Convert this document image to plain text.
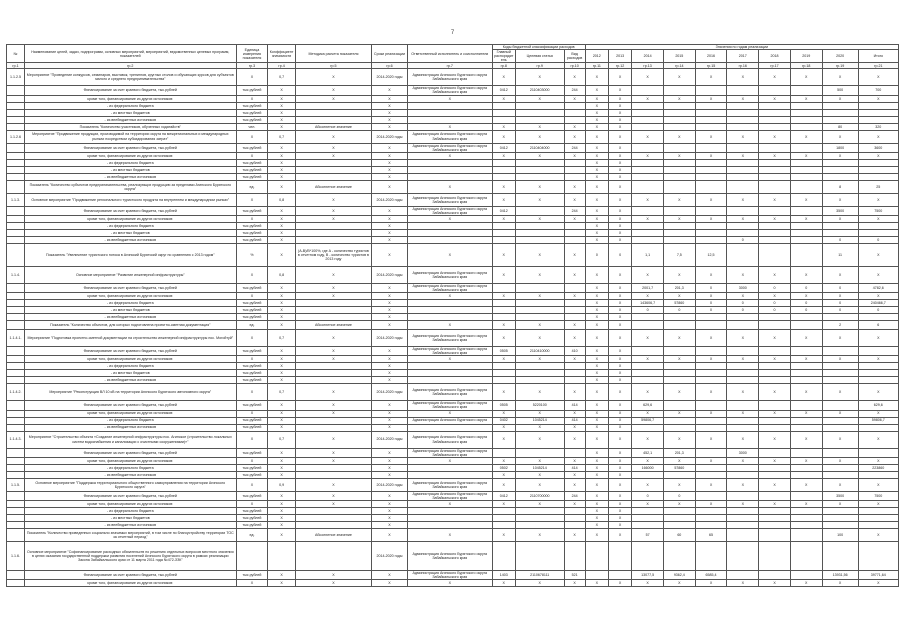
7
№	Наименование целей, задач, подпрограмм, основных мероприятий, мероприятий, ведомственных целевых программ, показателей	Единица измерения показателя	Коэффициент значимости	Методика расчета показателя	Сроки реализации	Ответственный исполнитель и соисполнители	Коды бюджетной классификации расходов			Значения по годам реализации									
							Главный распорядитель	Целевая статья	Вид расходов	2012	2013	2014	2015	2016	2017	2018	2019	2020	Итого
гр.1	гр.2	гр.3	гр.4	гр.5	гр.6	гр.7	гр.8	гр.9	гр.10	гр.11	гр.12	гр.13	гр.14	гр.15	гр.16	гр.17	гр.18	гр.19	гр.21
1.1.2.5	Мероприятие "Проведение конкурсов, семинаров, выставок, тренингов, круглых столов и обучающих курсов для субъектов малого и среднего предпринимательства"	X	0,7	X	2014-2020 годы	Администрация Агинского Бурятского округа Забайкальского края	X	X	X	X	X	X	X	X	X	X	X	X	X
	Финансирование за счет краевого бюджета, тыс.рублей	тыс.рублей	X	X	X	Администрация Агинского Бурятского округа Забайкальского края	0412	2110403000	244	X	X							500	700
	кроме того, финансирование из других источников:	X	X	X	X	X	X	X	X	X	X	X	X	X	X	X	X	X	X
	- из федерального бюджета	тыс.рублей	X		X					X	X								
	- из местных бюджетов	тыс.рублей	X		X					X	X								
	- из внебюджетных источников	тыс.рублей	X		X					X	X								
	Показатель "Количество участников, обученных ходатайств"	чел.	X	Абсолютное значение	X	X	X	X	X	X	X							80	320
1.1.2.6	Мероприятие "Продвижение продукции, производимой на территории округа на межрегиональных и международных рынках посредством субсидирования затрат"	X	0,7	X	2014-2020 годы	Администрация Агинского Бурятского округа Забайкальского края	X	X	X	X	X	X	X	X	X	X	X	X	X
	Финансирование за счет краевого бюджета, тыс.рублей	тыс.рублей	X	X	X	Администрация Агинского Бурятского округа Забайкальского края	0412	2110404000	244	X	X							1800	3600
	кроме того, финансирование из других источников:	X	X	X	X	X	X	X	X	X	X	X	X	X	X	X	X	X	X
	- из федерального бюджета	тыс.рублей	X		X					X	X								
	- из местных бюджетов	тыс.рублей	X		X					X	X								
	- из внебюджетных источников	тыс.рублей	X		X					X	X								
	Показатель "Количество субъектов предпринимательства, реализующих продукцию за пределами Агинского Бурятского округа"	ед.	X	Абсолютное значение	X	X	X	X	X	X	X							8	25
1.1.3.	Основное мероприятие "Продвижение регионального туристского продукта на внутреннем и международном рынках"	X	0,8	X	2014-2020 годы	Администрация Агинского Бурятского округа Забайкальского края	X	X	X	X	X	X	X	X	X	X	X	X	X
	Финансирование за счет краевого бюджета, тыс.рублей	тыс.рублей	X	X	X	Администрация Агинского Бурятского округа Забайкальского края	0412		244	X	X							3500	7500
	кроме того, финансирование из других источников:	X	X	X	X	X	X	X	X	X	X	X	X	X	X	X	X	X	X
	- из федерального бюджета	тыс.рублей	X		X					X	X								
	- из местных бюджетов	тыс.рублей	X		X					X	X								
	- из внебюджетных источников	тыс.рублей	X		X					X	X				0			0	0
	Показатель "Увеличение туристского потока в Агинский Бурятский округ по сравнению с 2013 годом"	%	X	(А-В)/В*100%, где А - количество туристов в отчетном году, В - количество туристов в 2013 году	X	X	X	X	X	0	0	1,1	7,5	12,5				11	X
1.1.4.	Основное мероприятие "Развитие инженерной инфраструктуры"	X	0,8	X	2014-2020 годы	Администрация Агинского Бурятского округа Забайкальского края	X	X	X	X	X	X	X	X	X	X	X	X	X
	Финансирование за счет краевого бюджета, тыс.рублей	тыс.рублей	X	X	X	Администрация Агинского Бурятского округа Забайкальского края				X	X	2001,7	201,3	0	3000	0	0	0	4782,6
	кроме того, финансирование из других источников:	X	X	X	X	X	X	X	X	X	X	X	X	X	X	X	X	X	X
	- из федерального бюджета	тыс.рублей	X		X					X	X	143606,7	57860	0	0	0	0	0	240466,7
	- из местных бюджетов	тыс.рублей	X		X					X	X	0	0	0	0	0	0	0	0
	- из внебюджетных источников	тыс.рублей	X		X					X	X								
	Показатель "Количество объектов, для которых подготовлена проектно-сметная документация"	ед.	X	Абсолютное значение	X	X	X	X	X	X	X							2	6
1.1.4.1.	Мероприятие "Подготовка проектно-сметной документации на строительство инженерной инфраструктуры пос. Могойтуй"	X	0,7	X	2014-2020 годы	Администрация Агинского Бурятского округа Забайкальского края	X	X	X	X	X	X	X	X	X	X	X	X	X
	Финансирование за счет краевого бюджета, тыс.рублей	тыс.рублей	X	X	X	Администрация Агинского Бурятского округа Забайкальского края	0505	2110410000	410	X	X								
	кроме того, финансирование из других источников:	X	X	X	X	X	X	X	X	X	X	X	X	X	X	X	X	X	X
	- из федерального бюджета	тыс.рублей	X		X					X	X								
	- из местных бюджетов	тыс.рублей	X		X					X	X								
	- из внебюджетных источников	тыс.рублей	X		X					X	X								
1.1.4.2.	Мероприятие "Реконструкция ВЛ 10 кВ на территории Агинского Бурятского автономного округа"	X	0,7	X	2014-2020 годы	Администрация Агинского Бурятского округа Забайкальского края	X	X	X	X	X	X	X	X	X	X	X	X	X
	Финансирование за счет краевого бюджета, тыс.рублей	тыс.рублей	X	X	X	Администрация Агинского Бурятского округа Забайкальского края	0505	5220100	414	X	X	629,6							629,6
	кроме того, финансирование из других источников:	X	X	X	X	X	X	X	X	X	X	X	X	X	X	X	X	X	X
	- из федерального бюджета	тыс.рублей	X		X	Администрация Агинского Бурятского округа	0402	1045214	414	X	X	59806,7							59806,7
	- из внебюджетных источников	тыс.рублей	X		X		X	X	X	X	X								
1.1.4.3.	Мероприятие "Строительство объекта «Создание инженерной инфраструктуры пос. Агинское (строительство локальных систем водоснабжения и канализации с очистными сооружениями)»"	X	0,7	X	2014-2020 годы	Администрация Агинского Бурятского округа Забайкальского края	X	X	X	X	X	X	X	X	X	X	X	X	X
	Финансирование за счет краевого бюджета, тыс.рублей	тыс.рублей	X	X	X	Администрация Агинского Бурятского округа Забайкальского края				X	X	452,1	201,3		3000				
	кроме того, финансирование из других источников:	X	X	X	X	X	X	X	X	X	X	X	X	X	X	X	X	X	X
	- из федерального бюджета	тыс.рублей	X		X		0502	1045214	414	X	X	166000	57860						223860
	- из внебюджетных источников	тыс.рублей	X		X		X	X	X	X	X								
1.1.5.	Основное мероприятие "Поддержка территориального общественного самоуправления на территории Агинского Бурятского округа"	X	0,9	X	2014-2020 годы	Администрация Агинского Бурятского округа Забайкальского края	X	X	X	X	X	X	X	X	X	X	X	X	X
	Финансирование за счет краевого бюджета, тыс.рублей	тыс.рублей	X	X	X	Администрация Агинского Бурятского округа Забайкальского края	0412	2110700000	244	X	X	0	0					3500	7500
	кроме того, финансирование из других источников:	X	X	X	X	X	X	X	X	X	X	X	X	X	X	X	X	X	X
	- из федерального бюджета	тыс.рублей	X		X					X	X								
	- из местных бюджетов	тыс.рублей	X		X					X	X								
	- из внебюджетных источников	тыс.рублей	X		X					X	X								
	Показатель "Количество проведенных социально значимых мероприятий, в том числе по благоустройству территории ТОС за отчетный период"	ед.	X	Абсолютное значение	X	X	X	X	X	X	X	57	60	65				100	X
1.1.6.	Основное мероприятие "Софинансирование расходных обязательств по решению отдельных вопросов местного значения в целях оказания государственной поддержки развития поселений Агинского Бурятского округа в рамках реализации Закона Забайкальского края от 11 марта 2011 года №472-ЗЗК"				2014-2020 годы	Администрация Агинского Бурятского округа Забайкальского края													
	Финансирование за счет краевого бюджета, тыс.рублей	тыс.рублей	X	X	X	Администрация Агинского Бурятского округа Забайкальского края	1403	2110678111	521			13077,5	9362,4	6585,4				13931,56	39771,64
	кроме того, финансирование из других источников:	X	X	X	X	X	X	X	X	X	X	X	X	X	X	X	X	X	X
